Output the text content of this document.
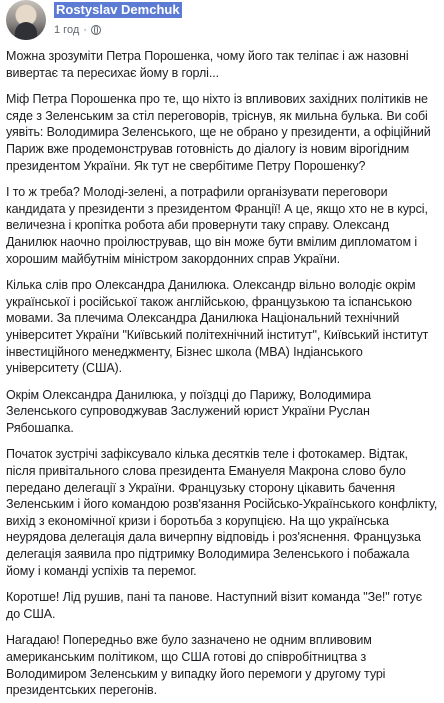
Rostyslav Demchuk
1 год ·

Можна зрозуміти Петра Порошенка, чому його так теліпає і аж назовні вивертає та пересихає йому в горлі...

Міф Петра Порошенка про те, що ніхто із впливових західних політиків не сяде з Зеленським за стіл переговорів, тріснув, як мильна булька. Ви собі уявіть: Володимира Зеленського, ще не обрано у президенти, а офіційний Париж вже продемонстрував готовність до діалогу із новим вірогідним президентом України. Як тут не свербітиме Петру Порошенку?

І то ж треба? Молоді-зелені, а потрафили організувати переговори кандидата у президенти з президентом Франції! А це, якщо хто не в курсі, величезна і кропітка робота аби провернути таку справу. Олександ Данилюк наочно проілюстрував, що він може бути вмілим дипломатом і хорошим майбутнім міністром закордонних справ України.

Кілька слів про Олександра Данилюка. Олександр вільно володіє окрім української і російської також англійською, французькою та іспанською мовами. За плечима Олександра Данилюка Національний технічний університет України "Київський політехнічний інститут", Київський інститут інвестиційного менеджменту, Бізнес школа (MBA) Індіанського університету (США).

Окрім Олександра Данилюка, у поїздці до Парижу, Володимира Зеленського супроводжував Заслужений юрист України Руслан Рябошапка.

Початок зустрічі зафіксувало кілька десятків теле і фотокамер. Відтак, після привітального слова президента Емануеля Макрона слово було передано делегації з України. Французьку сторону цікавить бачення Зеленським і його командою розв'язання Російсько-Українського конфлікту, вихід з економічної кризи і боротьба з корупцією. На що українська неурядова делегація дала вичерпну відповідь і роз'яснення. Французька делегація заявила про підтримку Володимира Зеленського і побажала йому і команді успіхів та перемог.

Коротше! Лід рушив, пані та панове. Наступний візит команда "Зе!" готує до США.

Нагадаю! Попередньо вже було зазначено не одним впливовим американським політиком, що США готові до співробітництва з Володимиром Зеленським у випадку його перемоги у другому турі президентських перегонів.
